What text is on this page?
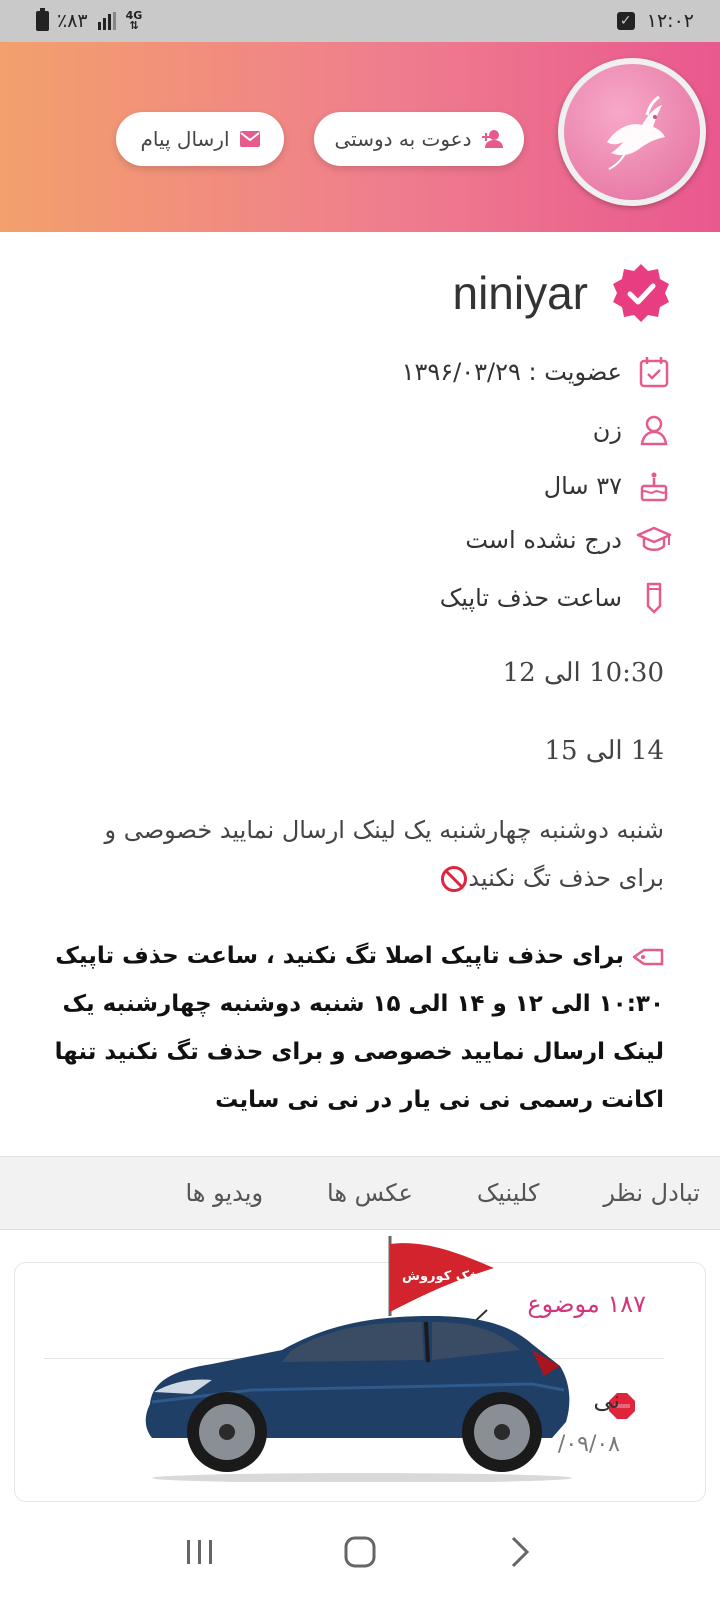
٪۸۳	4G
⇅	✓ ۱۲:۰۲
دعوت به دوستی
ارسال پیام
niniyar
عضویت : ۱۳۹۶/۰۳/۲۹
زن
۳۷ سال
درج نشده است
ساعت حذف تاپیک
10:30 الی 12
14 الی 15
شنبه دوشنبه چهارشنبه یک لینک ارسال نمایید خصوصی و برای حذف تگ نکنید
برای حذف تاپیک اصلا تگ نکنید ، ساعت حذف تاپیک ۱۰:۳۰ الی ۱۲ و ۱۴ الی ۱۵ شنبه دوشنبه چهارشنبه یک لینک ارسال نمایید خصوصی و برای حذف تگ نکنید تنها اکانت رسمی نی نی یار در نی نی سایت
تبادل نظر
کلینیک
عکس ها
ویدیو ها
۱۸۷ موضوع
نی
/۰۹/۰۸
فک کوروش
